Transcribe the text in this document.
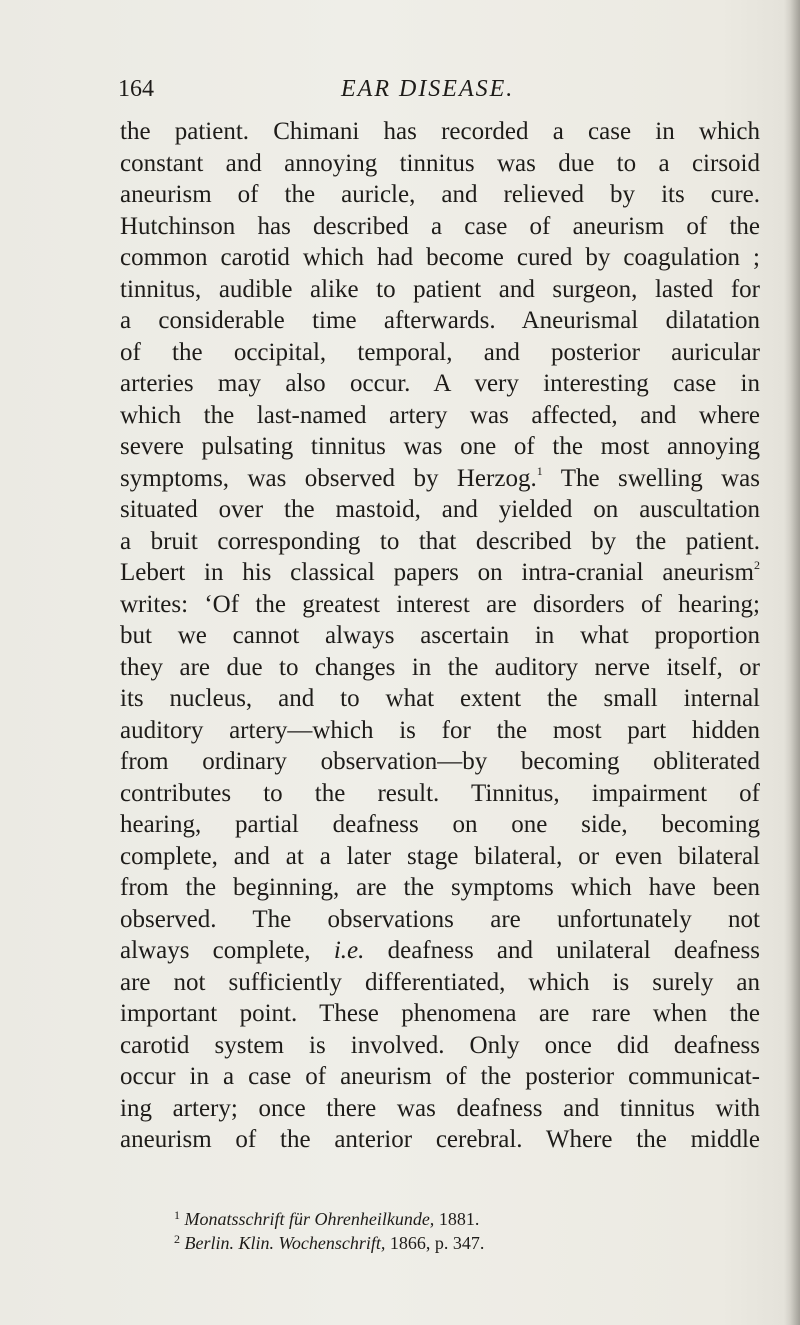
164	EAR DISEASE.
the patient. Chimani has recorded a case in which
constant and annoying tinnitus was due to a cirsoid
aneurism of the auricle, and relieved by its cure.
Hutchinson has described a case of aneurism of the
common carotid which had become cured by coagulation ;
tinnitus, audible alike to patient and surgeon, lasted for
a considerable time afterwards. Aneurismal dilatation
of the occipital, temporal, and posterior auricular
arteries may also occur. A very interesting case in
which the last-named artery was affected, and where
severe pulsating tinnitus was one of the most annoying
symptoms, was observed by Herzog.$^1$ The swelling was
situated over the mastoid, and yielded on auscultation
a bruit corresponding to that described by the patient.
Lebert in his classical papers on intra-cranial aneurism$^2$
writes: ‘Of the greatest interest are disorders of hearing;
but we cannot always ascertain in what proportion
they are due to changes in the auditory nerve itself, or
its nucleus, and to what extent the small internal
auditory artery—which is for the most part hidden
from ordinary observation—by becoming obliterated
contributes to the result. Tinnitus, impairment of
hearing, partial deafness on one side, becoming
complete, and at a later stage bilateral, or even bilateral
from the beginning, are the symptoms which have been
observed. The observations are unfortunately not
always complete, i.e. deafness and unilateral deafness
are not sufficiently differentiated, which is surely an
important point. These phenomena are rare when the
carotid system is involved. Only once did deafness
occur in a case of aneurism of the posterior communicat-
ing artery; once there was deafness and tinnitus with
aneurism of the anterior cerebral. Where the middle
$^1$ Monatsschrift für Ohrenheilkunde, 1881.
$^2$ Berlin. Klin. Wochenschrift, 1866, p. 347.
